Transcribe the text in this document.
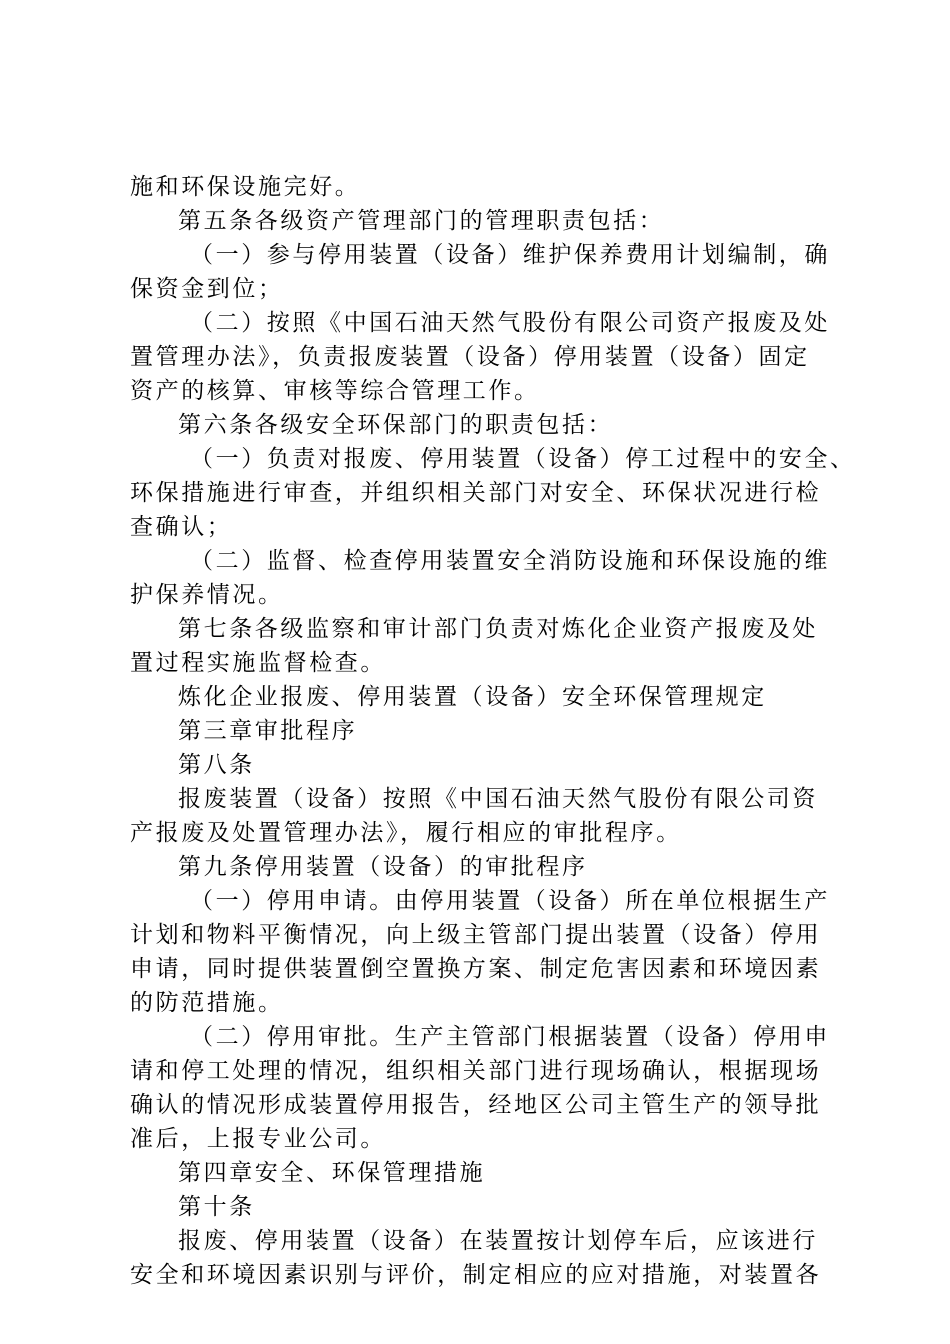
施和环保设施完好。
第五条各级资产管理部门的管理职责包括：
（一）参与停用装置（设备）维护保养费用计划编制，确
保资金到位；
（二）按照《中国石油天然气股份有限公司资产报废及处
置管理办法》，负责报废装置（设备）停用装置（设备）固定
资产的核算、审核等综合管理工作。
第六条各级安全环保部门的职责包括：
（一）负责对报废、停用装置（设备）停工过程中的安全、
环保措施进行审查，并组织相关部门对安全、环保状况进行检
查确认；
（二）监督、检查停用装置安全消防设施和环保设施的维
护保养情况。
第七条各级监察和审计部门负责对炼化企业资产报废及处
置过程实施监督检查。
炼化企业报废、停用装置（设备）安全环保管理规定
第三章审批程序
第八条
报废装置（设备）按照《中国石油天然气股份有限公司资
产报废及处置管理办法》，履行相应的审批程序。
第九条停用装置（设备）的审批程序
（一）停用申请。由停用装置（设备）所在单位根据生产
计划和物料平衡情况，向上级主管部门提出装置（设备）停用
申请，同时提供装置倒空置换方案、制定危害因素和环境因素
的防范措施。
（二）停用审批。生产主管部门根据装置（设备）停用申
请和停工处理的情况，组织相关部门进行现场确认，根据现场
确认的情况形成装置停用报告，经地区公司主管生产的领导批
准后，上报专业公司。
第四章安全、环保管理措施
第十条
报废、停用装置（设备）在装置按计划停车后，应该进行
安全和环境因素识别与评价，制定相应的应对措施，对装置各
